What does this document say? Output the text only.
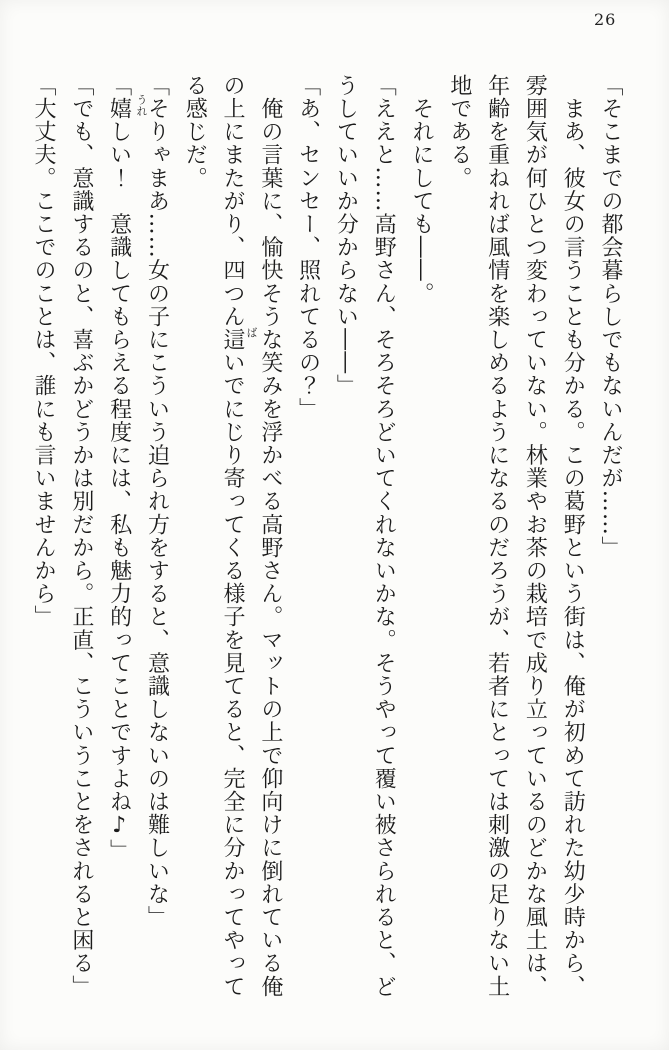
26

「そこまでの都会暮らしでもないんだが……」

　まあ、彼女の言うことも分かる。この葛野という街は、俺が初めて訪れた幼少時から、

雰囲気が何ひとつ変わっていない。林業やお茶の栽培で成り立っているのどかな風土は、

年齢を重ねれば風情を楽しめるようになるのだろうが、若者にとっては刺激の足りない土

地である。

　それにしても――。

「ええと……高野さん、そろそろどいてくれないかな。そうやって覆い被さられると、ど

うしていいか分からない――」

「あ、センセー、照れてるの？」

　俺の言葉に、愉快そうな笑みを浮かべる高野さん。マットの上で仰向けに倒れている俺

の上にまたがり、四つん這いでにじり寄ってくる様子を見てると、完全に分かってやって

る感じだ。

「そりゃまあ……女の子にこういう迫られ方をすると、意識しないのは難しいな」

「嬉しい！　意識してもらえる程度には、私も魅力的ってことですよね♪」

「でも、意識するのと、喜ぶかどうかは別だから。正直、こういうことをされると困る」

「大丈夫。ここでのことは、誰にも言いませんから」	ば
うれ
